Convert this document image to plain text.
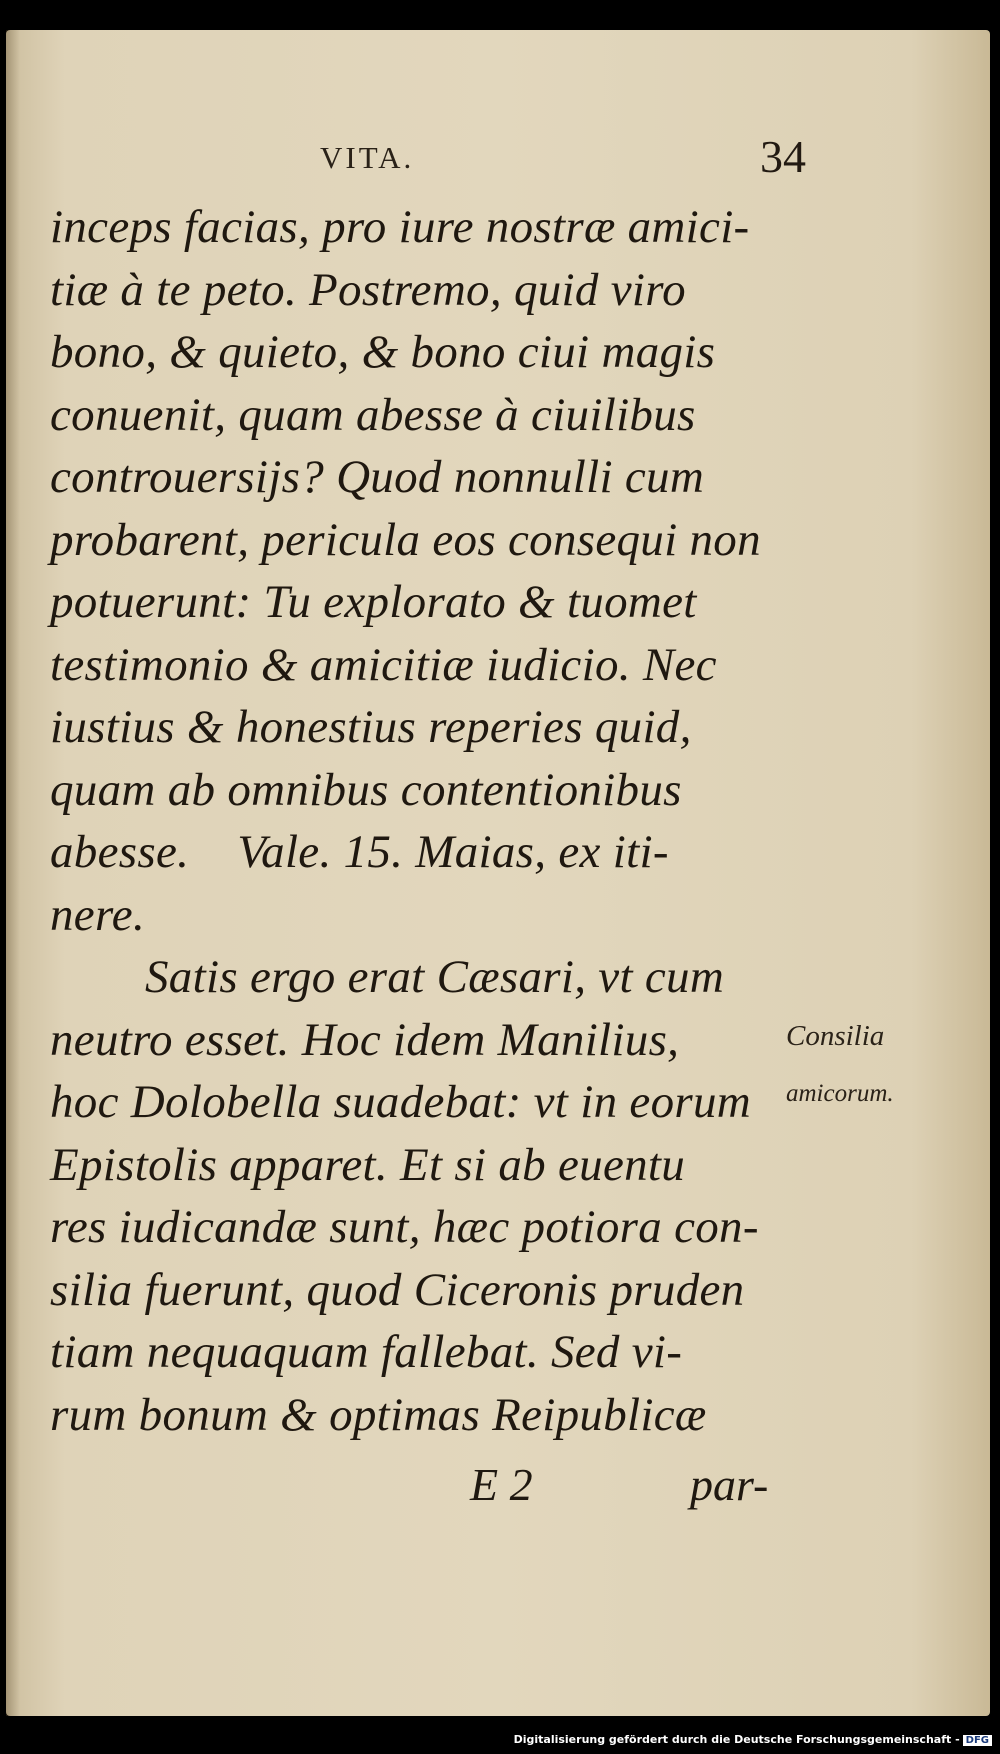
VITA.	34
inceps facias, pro iure nostræ amici-
tiæ à te peto. Postremo, quid viro
bono, & quieto, & bono ciui magis
conuenit, quam abesse à ciuilibus
controuersijs? Quod nonnulli cum
probarent, pericula eos consequi non
potuerunt: Tu explorato & tuomet
testimonio & amicitiæ iudicio. Nec
iustius & honestius reperies quid,
quam ab omnibus contentionibus
abesse.    Vale. 15. Maias, ex iti-
nere.
Satis ergo erat Cæsari, vt cum
neutro esset. Hoc idem Manilius,
hoc Dolobella suadebat: vt in eorum
Epistolis apparet. Et si ab euentu
res iudicandæ sunt, hæc potiora con-
silia fuerunt, quod Ciceronis pruden
tiam nequaquam fallebat. Sed vi-
rum bonum & optimas Reipublicæ
Consilia
amicorum.
E 2	par-
Digitalisierung gefördert durch die Deutsche Forschungsgemeinschaft - DFG
